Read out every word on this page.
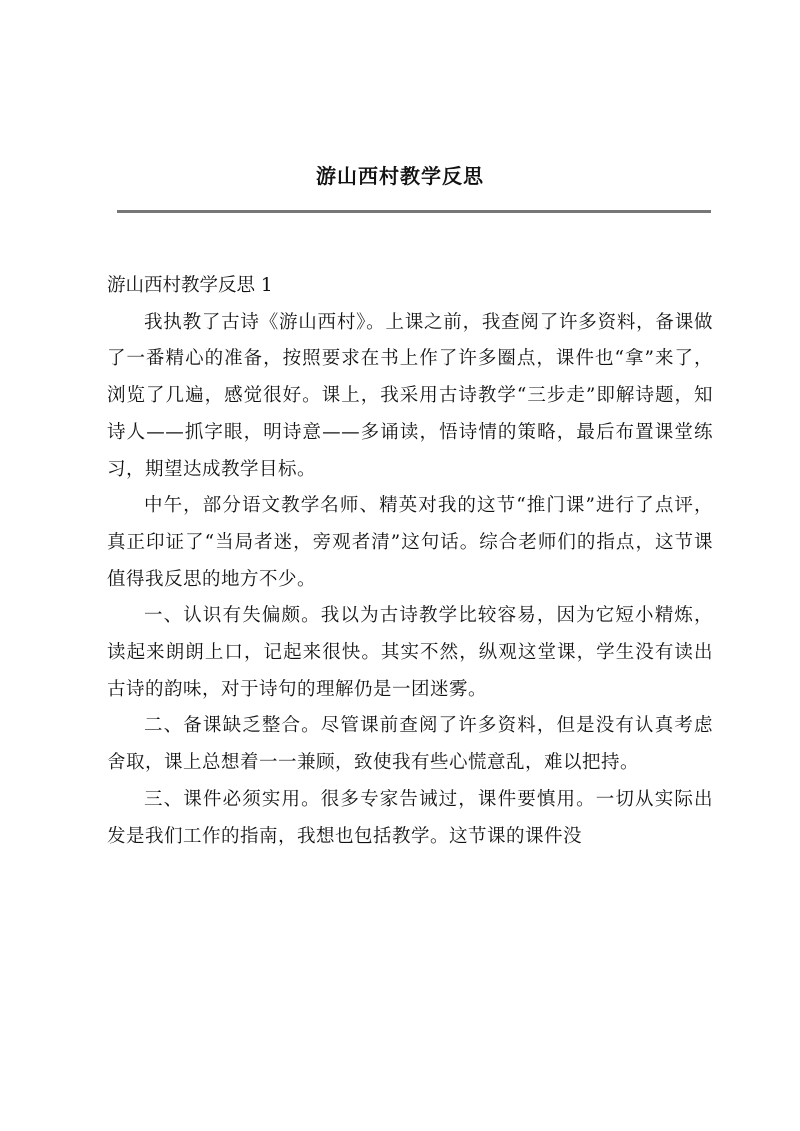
游山西村教学反思

游山西村教学反思 1

我执教了古诗《游山西村》。上课之前，我查阅了许多资料，备课做了一番精心的准备，按照要求在书上作了许多圈点，课件也“拿”来了，浏览了几遍，感觉很好。课上，我采用古诗教学“三步走”即解诗题，知诗人——抓字眼，明诗意——多诵读，悟诗情的策略，最后布置课堂练习，期望达成教学目标。

中午，部分语文教学名师、精英对我的这节“推门课”进行了点评，真正印证了“当局者迷，旁观者清”这句话。综合老师们的指点，这节课值得我反思的地方不少。

一、认识有失偏颇。我以为古诗教学比较容易，因为它短小精炼，读起来朗朗上口，记起来很快。其实不然，纵观这堂课，学生没有读出古诗的韵味，对于诗句的理解仍是一团迷雾。

二、备课缺乏整合。尽管课前查阅了许多资料，但是没有认真考虑舍取，课上总想着一一兼顾，致使我有些心慌意乱，难以把持。

三、课件必须实用。很多专家告诫过，课件要慎用。一切从实际出发是我们工作的指南，我想也包括教学。这节课的课件没
